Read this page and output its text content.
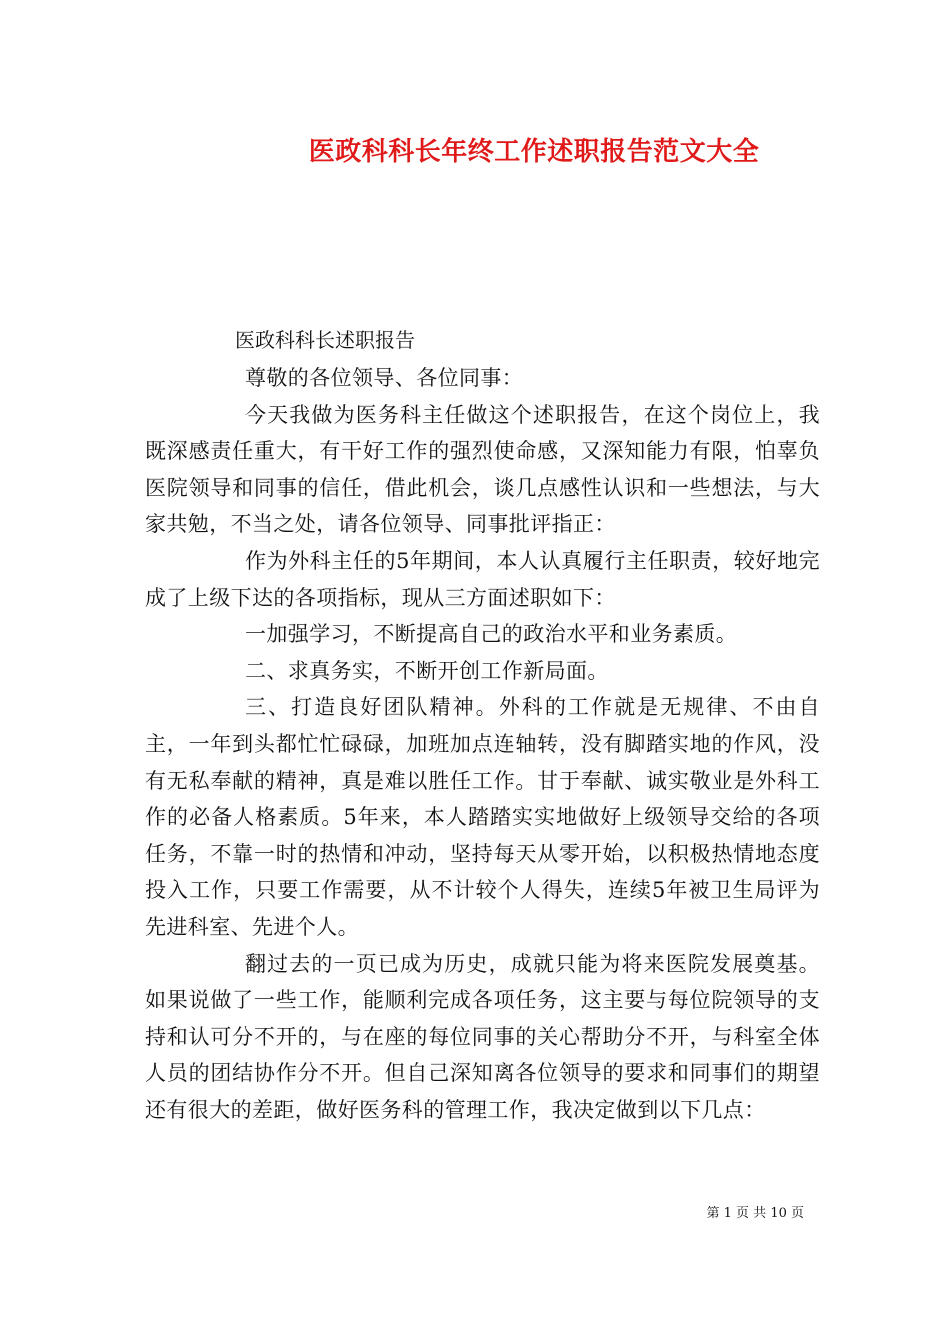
医政科科长年终工作述职报告范文大全

医政科科长述职报告

尊敬的各位领导、各位同事：

今天我做为医务科主任做这个述职报告，在这个岗位上，我既深感责任重大，有干好工作的强烈使命感，又深知能力有限，怕辜负医院领导和同事的信任，借此机会，谈几点感性认识和一些想法，与大家共勉，不当之处，请各位领导、同事批评指正：

作为外科主任的5年期间，本人认真履行主任职责，较好地完成了上级下达的各项指标，现从三方面述职如下：

一加强学习，不断提高自己的政治水平和业务素质。

二、求真务实，不断开创工作新局面。

三、打造良好团队精神。外科的工作就是无规律、不由自主，一年到头都忙忙碌碌，加班加点连轴转，没有脚踏实地的作风，没有无私奉献的精神，真是难以胜任工作。甘于奉献、诚实敬业是外科工作的必备人格素质。5年来，本人踏踏实实地做好上级领导交给的各项任务，不靠一时的热情和冲动，坚持每天从零开始，以积极热情地态度投入工作，只要工作需要，从不计较个人得失，连续5年被卫生局评为先进科室、先进个人。

翻过去的一页已成为历史，成就只能为将来医院发展奠基。如果说做了一些工作，能顺利完成各项任务，这主要与每位院领导的支持和认可分不开的，与在座的每位同事的关心帮助分不开，与科室全体人员的团结协作分不开。但自己深知离各位领导的要求和同事们的期望还有很大的差距，做好医务科的管理工作，我决定做到以下几点：

第 1 页 共 10 页
